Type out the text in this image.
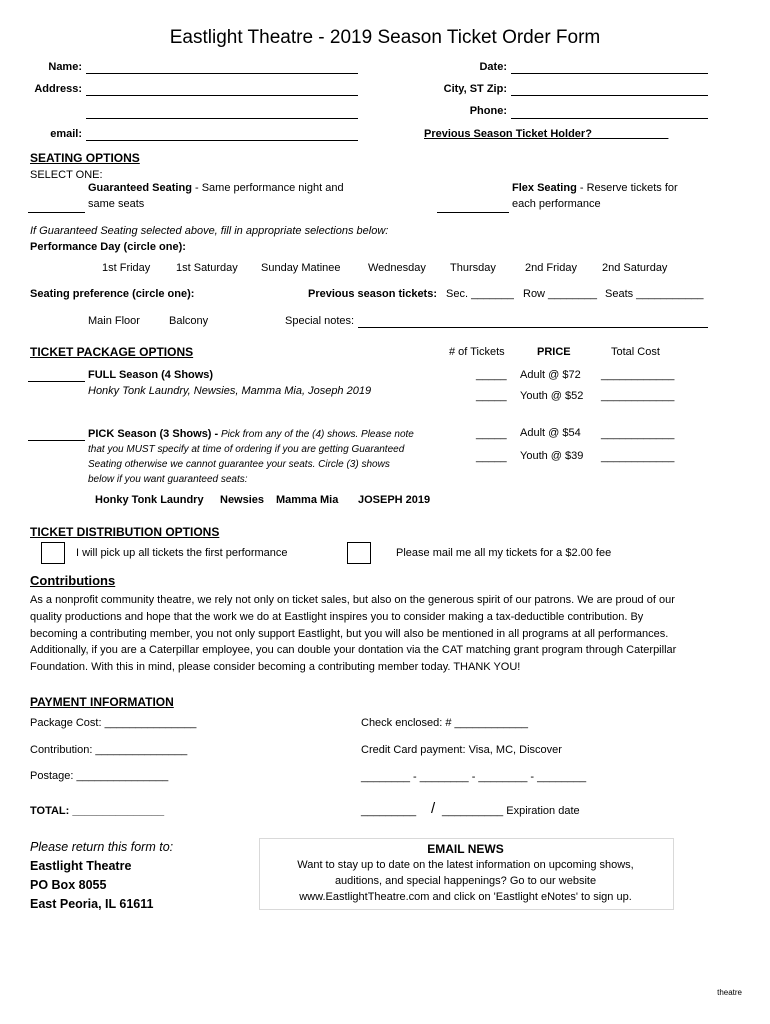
Eastlight Theatre - 2019 Season Ticket Order Form
Name:
Address:
email:
Date:
City, ST Zip:
Phone:
Previous Season Ticket Holder? ____________
SEATING OPTIONS
SELECT ONE:
Guaranteed Seating - Same performance night and
same seats
Flex Seating - Reserve tickets for
each performance
If Guaranteed Seating selected above, fill in appropriate selections below:
Performance Day (circle one):
1st Friday 1st Saturday Sunday Matinee	Wednesday Thursday	2nd Friday 2nd Saturday
Seating preference (circle one):	Previous season tickets: Sec. _______ Row ________ Seats ___________
Main Floor	Balcony	Special notes:
TICKET PACKAGE OPTIONS	# of Tickets	PRICE	Total Cost
FULL Season (4 Shows)
Honky Tonk Laundry, Newsies, Mamma Mia, Joseph 2019
_____ Adult @ $72 ____________
_____ Youth @ $52 ____________
PICK Season (3 Shows) - Pick from any of the (4) shows. Please note
that you MUST specify at time of ordering if you are getting Guaranteed
Seating otherwise we cannot guarantee your seats. Circle (3) shows
below if you want guaranteed seats:
_____ Adult @ $54 ____________
_____ Youth @ $39 ____________
Honky Tonk Laundry Newsies Mamma Mia JOSEPH 2019
TICKET DISTRIBUTION OPTIONS
I will pick up all tickets the first performance	Please mail me all my tickets for a $2.00 fee
Contributions
As a nonprofit community theatre, we rely not only on ticket sales, but also on the generous spirit of our patrons. We are proud of our quality productions and hope that the work we do at Eastlight inspires you to consider making a tax-deductible contribution. By becoming a contributing member, you not only support Eastlight, but you will also be mentioned in all programs at all performances. Additionally, if you are a Caterpillar employee, you can double your dontation via the CAT matching grant program through Caterpillar Foundation. With this in mind, please consider becoming a contributing member today. THANK YOU!
PAYMENT INFORMATION
Package Cost: _______________
Contribution: _______________
Postage: _______________
TOTAL: _______________
Check enclosed: # ____________
Credit Card payment: Visa, MC, Discover
________ - ________ - ________ - ________
_________ / __________ Expiration date
Please return this form to:
Eastlight Theatre
PO Box 8055
East Peoria, IL 61611
EMAIL NEWS
Want to stay up to date on the latest information on upcoming shows,
auditions, and special happenings? Go to our website
www.EastlightTheatre.com and click on 'Eastlight eNotes' to sign up.
theatre
